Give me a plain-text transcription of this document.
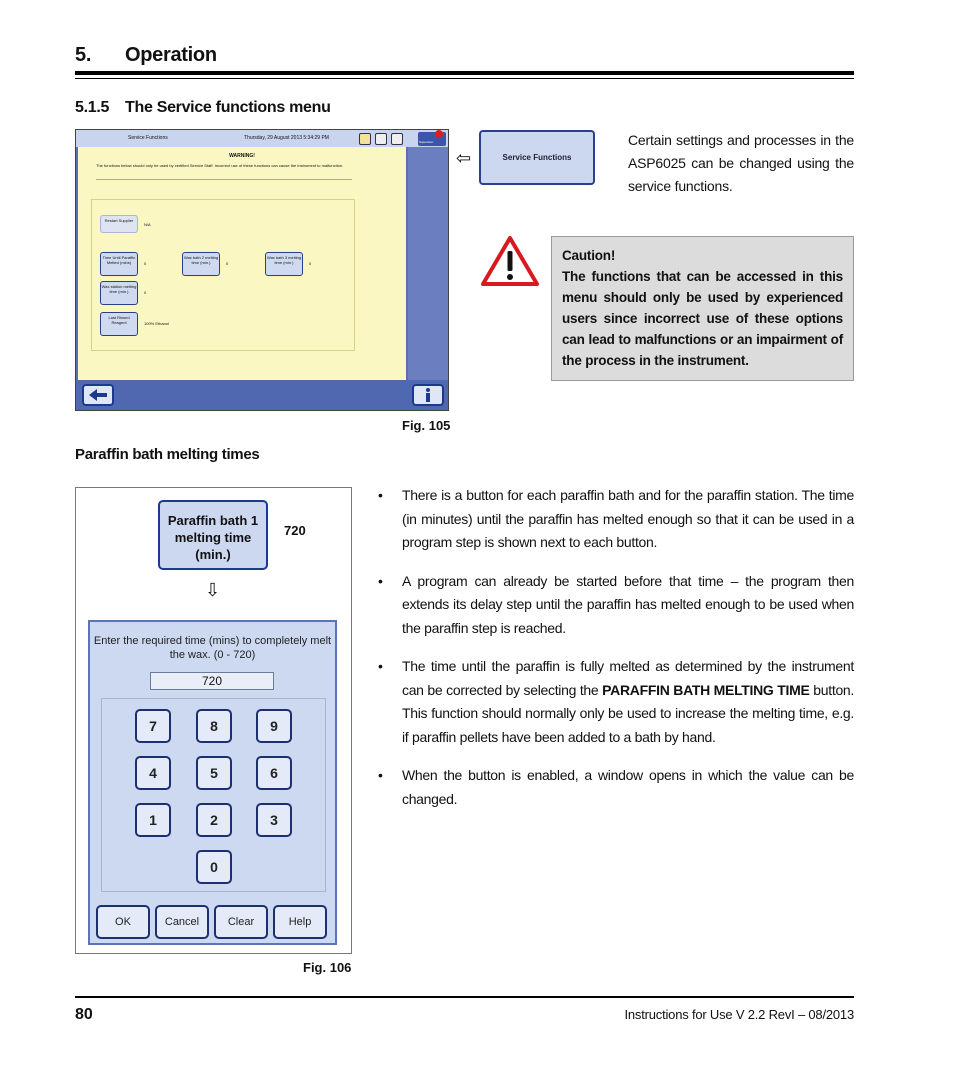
5. Operation
5.1.5 The Service functions menu
Service Functions	Thursday, 29 August 2013 5:34:29 PM
Supervisor
WARNING!
The functions below should only be used by certified Service Staff. Incorrect use of these functions can cause the instrument to malfunction.
Restart Supplier
N/A
Time Until Paraffin Melted (mins)	0
Wax bath 2 melting time (min.)	0
Wax bath 3 melting time (min.)	0
Wax station melting time (min.)	0
Last Rinsed Reagent	100% Ethanol
⇦	Service Functions
Certain settings and processes in the ASP6025 can be changed using the service functions.
Caution!
The functions that can be accessed in this menu should only be used by experienced users since incorrect use of these options can lead to malfunctions or an impairment of the process in the instrument.
Fig. 105
Paraffin bath melting times
Paraffin bath 1 melting time (min.)
720
⇩
Enter the required time (mins) to completely melt the wax. (0 - 720)
720
7	8	9
4	5	6
1	2	3
0
OK	Cancel	Clear	Help
Fig. 106
• There is a button for each paraffin bath and for the paraffin station. The time (in minutes) until the paraffin has melted enough so that it can be used in a program step is shown next to each button.
• A program can already be started before that time – the program then extends its delay step until the paraffin has melted enough to be used when the paraffin step is reached.
• The time until the paraffin is fully melted as determined by the instrument can be corrected by selecting the PARAFFIN BATH MELTING TIME button. This function should normally only be used to increase the melting time, e.g. if paraffin pellets have been added to a bath by hand.
• When the button is enabled, a window opens in which the value can be changed.
80	Instructions for Use V 2.2 RevI – 08/2013
